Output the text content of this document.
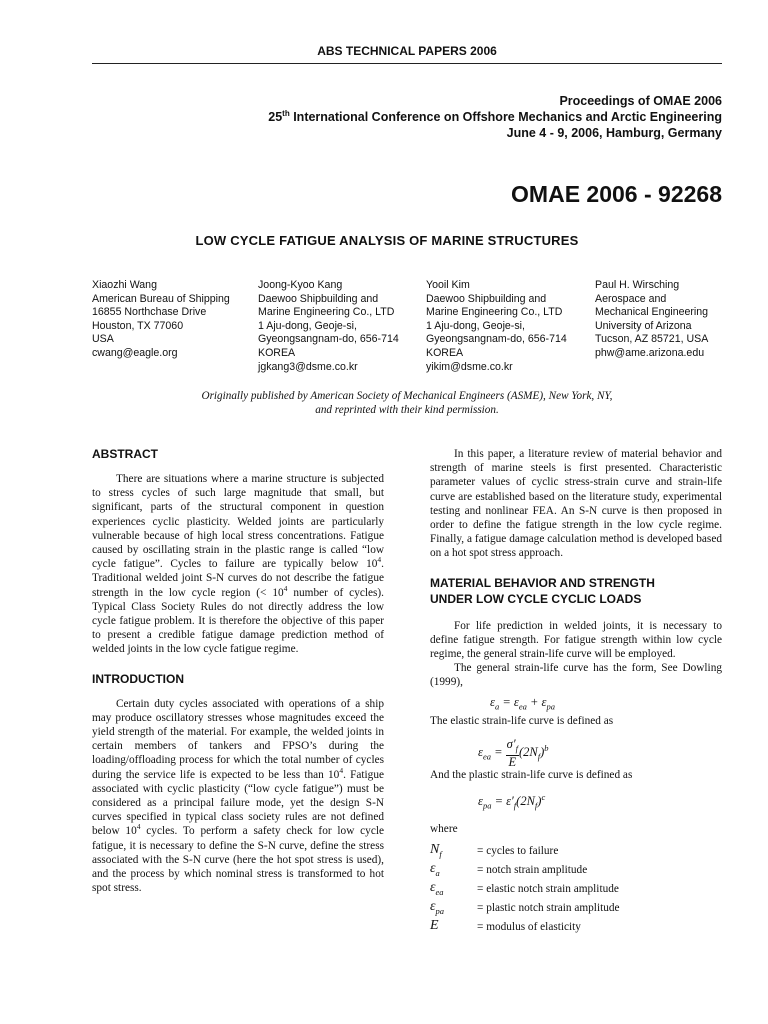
ABS TECHNICAL PAPERS 2006
Proceedings of OMAE 2006
25th International Conference on Offshore Mechanics and Arctic Engineering
June 4 - 9, 2006, Hamburg, Germany
OMAE 2006 - 92268
LOW CYCLE FATIGUE ANALYSIS OF MARINE STRUCTURES
Xiaozhi Wang
American Bureau of Shipping
16855 Northchase Drive
Houston, TX 77060
USA
cwang@eagle.org
Joong-Kyoo Kang
Daewoo Shipbuilding and
Marine Engineering Co., LTD
1 Aju-dong, Geoje-si,
Gyeongsangnam-do, 656-714
KOREA
jgkang3@dsme.co.kr
Yooil Kim
Daewoo Shipbuilding and
Marine Engineering Co., LTD
1 Aju-dong, Geoje-si,
Gyeongsangnam-do, 656-714
KOREA
yikim@dsme.co.kr
Paul H. Wirsching
Aerospace and
Mechanical Engineering
University of Arizona
Tucson, AZ 85721, USA
phw@ame.arizona.edu
Originally published by American Society of Mechanical Engineers (ASME), New York, NY,
and reprinted with their kind permission.
ABSTRACT

There are situations where a marine structure is subjected to stress cycles of such large magnitude that small, but significant, parts of the structural component in question experiences cyclic plasticity. Welded joints are particularly vulnerable because of high local stress concentrations. Fatigue caused by oscillating strain in the plastic range is called “low cycle fatigue”. Cycles to failure are typically below $10^4$. Traditional welded joint S-N curves do not describe the fatigue strength in the low cycle region (< $10^4$ number of cycles). Typical Class Society Rules do not directly address the low cycle fatigue problem. It is therefore the objective of this paper to present a credible fatigue damage prediction method of welded joints in the low cycle fatigue regime.

INTRODUCTION

Certain duty cycles associated with operations of a ship may produce oscillatory stresses whose magnitudes exceed the yield strength of the material. For example, the welded joints in certain members of tankers and FPSO’s during the loading/offloading process for which the total number of cycles during the service life is expected to be less than $10^4$. Fatigue associated with cyclic plasticity (“low cycle fatigue”) must be considered as a principal failure mode, yet the design S-N curves specified in typical class society rules are not defined below $10^4$ cycles. To perform a safety check for low cycle fatigue, it is necessary to define the S-N curve, define the stress associated with the S-N curve (here the hot spot stress is used), and the process by which nominal stress is transformed to hot spot stress.

In this paper, a literature review of material behavior and strength of marine steels is first presented. Characteristic parameter values of cyclic stress-strain curve and strain-life curve are established based on the literature study, experimental testing and nonlinear FEA. An S-N curve is then proposed in order to define the fatigue strength in the low cycle regime. Finally, a fatigue damage calculation method is developed based on a hot spot stress approach.

MATERIAL BEHAVIOR AND STRENGTH
UNDER LOW CYCLE CYCLIC LOADS

For life prediction in welded joints, it is necessary to define fatigue strength. For fatigue strength within low cycle regime, the general strain-life curve will be employed.

The general strain-life curve has the form, See Dowling (1999),

$\varepsilon_a = \varepsilon_{ea} + \varepsilon_{pa}$

The elastic strain-life curve is defined as

$\varepsilon_{ea} = \frac{\sigma'_f}{E} (2N_f)^b$

And the plastic strain-life curve is defined as

$\varepsilon_{pa} = \varepsilon'_f(2N_f)^c$

where

$N_f$	= cycles to failure
$\varepsilon_a$	= notch strain amplitude
$\varepsilon_{ea}$	= elastic notch strain amplitude
$\varepsilon_{pa}$	= plastic notch strain amplitude
E	= modulus of elasticity
